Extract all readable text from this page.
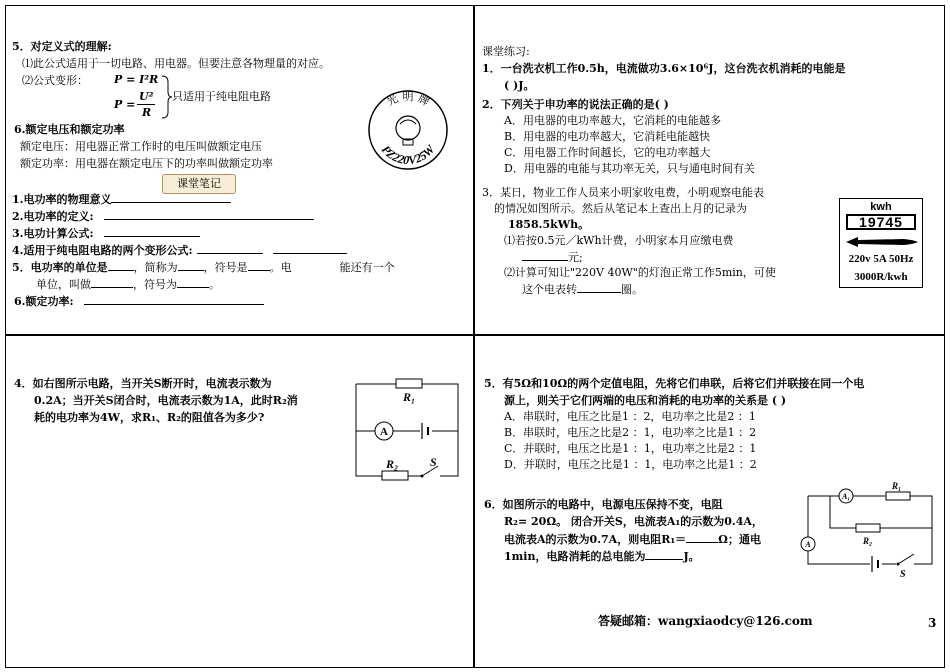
5．对定义式的理解:
⑴此公式适用于一切电路、用电器。但要注意各物理量的对应。
⑵公式变形： P = I²R
P =
U²
R
只适用于纯电阻电路
6.额定电压和额定功率
额定电压：用电器正常工作时的电压叫做额定电压
额定功率：用电器在额定电压下的功率叫做额定功率
光 明 牌
PZ220V25W
课堂笔记
1.电功率的物理意义
2.电功率的定义:
3.电功计算公式:
4.适用于纯电阻电路的两个变形公式:
5．电功率的单位是 ，简称为 ，符号是 。电	能还有一个
单位，叫做	，符号为	。
6.额定功率:
课堂练习:
1．一台洗衣机工作0.5h，电流做功3.6×10⁶J，这台洗衣机消耗的电能是
( )J。
2．下列关于申功率的说法正确的是( )
A．用电器的电功率越大，它消耗的电能越多
B．用电器的电功率越大，它消耗电能越快
C．用电器工作时间越长，它的电功率越大
D．用电器的电能与其功率无关，只与通电时间有关
3．某日，物业工作人员来小明家收电费，小明观察电能表
的情况如图所示。然后从笔记本上查出上月的记录为
1858.5kWh。
⑴若按0.5元／kWh计费，小明家本月应缴电费
元;
⑵计算可知让"220V 40W"的灯泡正常工作5min，可使
这个电表转	圈。
kwh
19745
220v 5A 50Hz
3000R/kwh
4．如右图所示电路，当开关S断开时，电流表示数为
0.2A；当开关S闭合时，电流表示数为1A，此时R₂消
耗的电功率为4W，求R₁、R₂的阻值各为多少?
A
R₁
R₂	S
5．有5Ω和10Ω的两个定值电阻，先将它们串联，后将它们并联接在同一个电
源上，则关于它们两端的电压和消耗的电功率的关系是 ( )
A．串联时，电压之比是1 ：2，电功率之比是2 ：1
B．串联时，电压之比是2 ：1，电功率之比是1 ：2
C．并联时，电压之比是1 ：1，电功率之比是2 ：1
D．并联时，电压之比是1 ：1，电功率之比是1 ：2
6．如图所示的电路中，电源电压保持不变，电阻
R₂= 20Ω。 闭合开关S，电流表A₁的示数为0.4A，
电流表A的示数为0.7A，则电阻R₁＝	Ω；通电
1min，电路消耗的总电能为	J。
A₁
R₁
R₂
A
S
答疑邮箱：wangxiaodcy@126.com	3
